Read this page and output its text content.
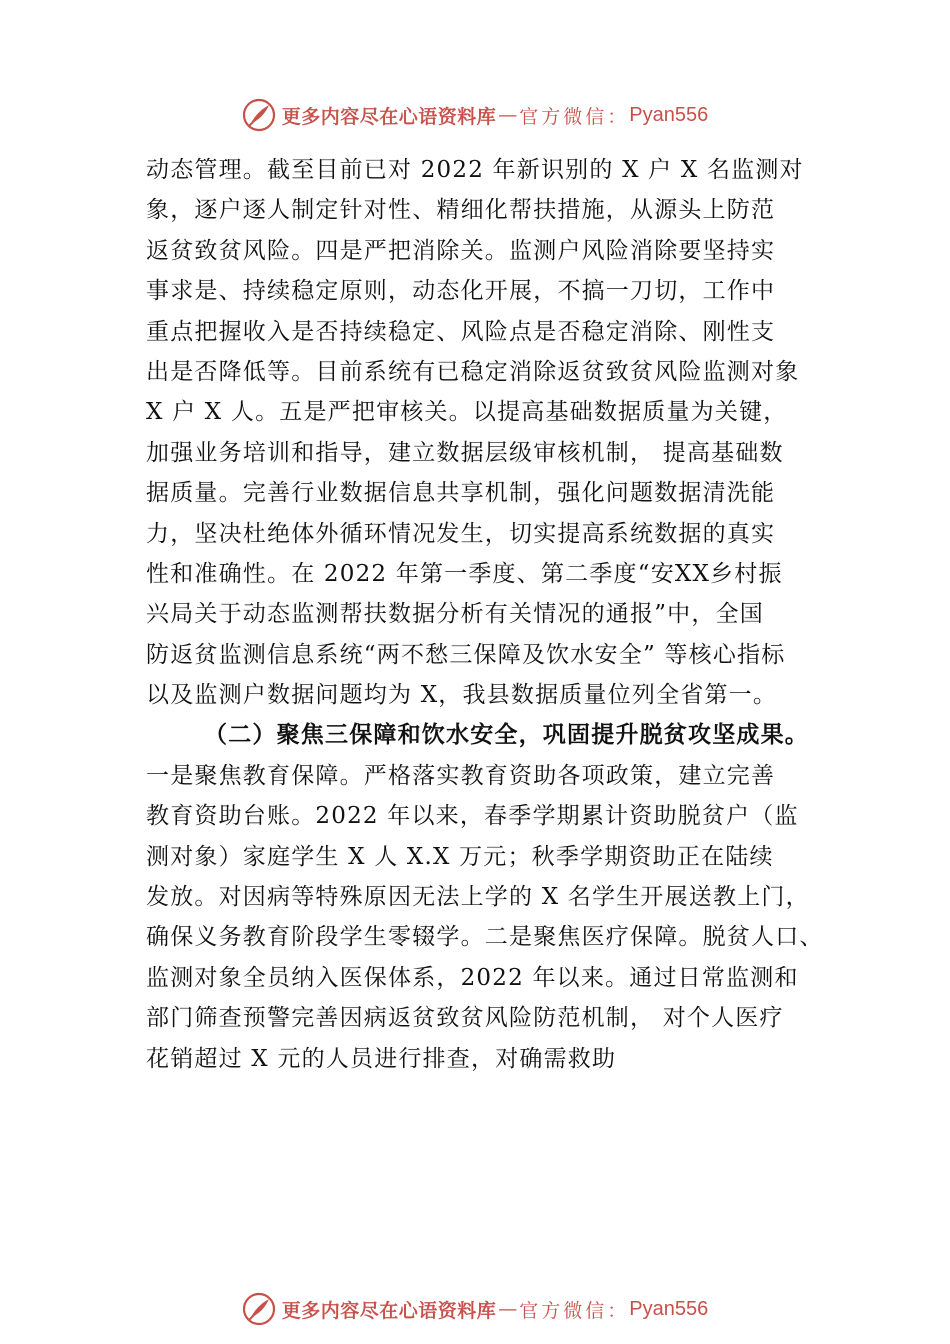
更多内容尽在心语资料库 — 官方微信： Pyan556
动态管理。截至目前已对 2022 年新识别的 X 户 X 名监测对
象，逐户逐人制定针对性、精细化帮扶措施，从源头上防范
返贫致贫风险。四是严把消除关。监测户风险消除要坚持实
事求是、持续稳定原则，动态化开展，不搞一刀切，工作中
重点把握收入是否持续稳定、风险点是否稳定消除、刚性支
出是否降低等。目前系统有已稳定消除返贫致贫风险监测对象
X 户 X 人。五是严把审核关。以提高基础数据质量为关键，
加强业务培训和指导，建立数据层级审核机制， 提高基础数
据质量。完善行业数据信息共享机制，强化问题数据清洗能
力，坚决杜绝体外循环情况发生，切实提高系统数据的真实
性和准确性。在 2022 年第一季度、第二季度“安XX乡村振
兴局关于动态监测帮扶数据分析有关情况的通报”中，全国
防返贫监测信息系统“两不愁三保障及饮水安全” 等核心指标
以及监测户数据问题均为 X，我县数据质量位列全省第一。
（二）聚焦三保障和饮水安全，巩固提升脱贫攻坚成果。
一是聚焦教育保障。严格落实教育资助各项政策，建立完善
教育资助台账。2022 年以来，春季学期累计资助脱贫户（监
测对象）家庭学生 X 人 X.X 万元；秋季学期资助正在陆续
发放。对因病等特殊原因无法上学的 X 名学生开展送教上门，
确保义务教育阶段学生零辍学。二是聚焦医疗保障。脱贫人口、
监测对象全员纳入医保体系，2022 年以来。通过日常监测和
部门筛查预警完善因病返贫致贫风险防范机制， 对个人医疗
花销超过 X 元的人员进行排查，对确需救助
更多内容尽在心语资料库 — 官方微信： Pyan556
